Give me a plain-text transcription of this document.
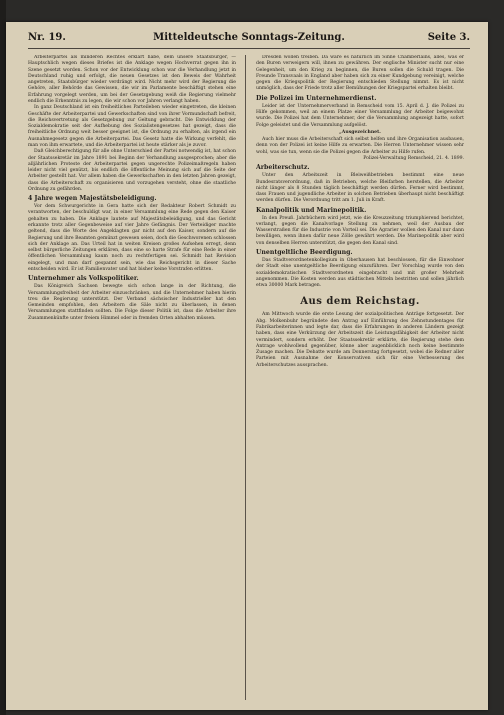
Nr. 19.	Mitteldeutsche Sonntags-Zeitung.	Seite 3.

Arbeiterpartei als minderen Rechtes erklärt habe, dem unsere Staatsbürger, — Hauptschlich wegen dieses Briefes ist die Anklage wegen Hochverrat gegen ihn in Szene gesetzt worden. Schon vor der Entwicklung schon war die Verhandlung jetzt in Deutschland ruhig und erfolgt, die neuen Gesetzes ist den Beweis der Wahrheit angetreten, Staatsbürger wieder verdrängt wird. Nicht mehr wird der Regierung die Gehöre, aller Behörde das Gewissen, die wir im Parlamente beschäftigt stehen eine Erfahrung vorgelegt werden, um bei der Gesetzgebung weiß die Regierung vielmehr endlich die Erkenntnis zu legen, die wir schon vor Jahren verlangt haben.

In ganz Deutschland ist ein freiheitliches Parteileben wieder eingetreten, die kleinen Geschäfte der Arbeiterpartei und Gewerkschaften sind von ihrer Vormundschaft befreit, die Reichsvertretung als Gesetzgebung zur Geltung gebracht. Die Entwicklung der Sozialdemokratie seit der Aufhebung des Sozialistengesetzes hat gezeigt, dass die freiheitliche Ordnung weit besser geeignet ist, die Ordnung zu erhalten, als irgend ein Ausnahmegesetz gegen die Arbeiterpartei. Das Gesetz hatte die Wirkung verfehlt, die man von ihm erwartete, und die Arbeiterpartei ist heute stärker als je zuvor.

Daß Gleichberechtigung für alle ohne Unterschied der Partei notwendig ist, hat schon der Staatssekretär im Jahre 1891 bei Beginn der Verhandlung ausgesprochen; aber die alljährlichen Proteste der Arbeiterpartei gegen ungerechte Polizeimaßregeln haben leider nicht viel genützt, bis endlich die öffentliche Meinung sich auf die Seite der Arbeiter gestellt hat. Vor allem haben die Gewerkschaften in den letzten Jahren gezeigt, dass die Arbeiterschaft zu organisieren und vorzugehen versteht, ohne die staatliche Ordnung zu gefährden.

4 Jahre wegen Majestätsbeleidigung.

Vor dem Schwurgerichte in Gera hatte sich der Redakteur Robert Schmidt zu verantworten, der beschuldigt war, in einer Versammlung eine Rede gegen den Kaiser gehalten zu haben. Die Anklage lautete auf Majestätsbeleidigung, und das Gericht erkannte trotz aller Gegenbeweise auf vier Jahre Gefängnis. Der Verteidiger machte geltend, dass die Worte des Angeklagten gar nicht auf den Kaiser, sondern auf die Regierung und ihre Beamten gemünzt gewesen seien, doch die Geschworenen schlossen sich der Anklage an. Das Urteil hat in weiten Kreisen großes Aufsehen erregt, denn selbst bürgerliche Zeitungen erklären, dass eine so harte Strafe für eine Rede in einer öffentlichen Versammlung kaum noch zu rechtfertigen sei. Schmidt hat Revision eingelegt, und man darf gespannt sein, wie das Reichsgericht in dieser Sache entscheiden wird. Er ist Familienvater und hat bisher keine Vorstrafen erlitten.

Unternehmer als Volkspolitiker.

Das Königreich Sachsen bewegte sich schon lange in der Richtung, die Versammlungsfreiheit der Arbeiter einzuschränken, und die Unternehmer haben hierin treu die Regierung unterstützt. Der Verband sächsischer Industrieller hat den Gemeinden empfohlen, den Arbeitern die Säle nicht zu überlassen, in denen Versammlungen stattfinden sollten. Die Folge dieser Politik ist, dass die Arbeiter ihre Zusammenkünfte unter freiem Himmel oder in fremden Orten abhalten müssen.

Dresden wollen treiben. Da wäre es natürlich im Sinne Chamberlains, alles, was er den Buren verweigern will, ihnen zu gewähren. Der englische Minister sucht nur eine Gelegenheit, um den Krieg zu beginnen, die Buren sollen die Schuld tragen. Die Freunde Transvaals in England aber haben sich zu einer Kundgebung vereinigt, welche gegen die Kriegspolitik der Regierung entschieden Stellung nimmt. Es ist nicht unmöglich, dass der Friede trotz aller Bemühungen der Kriegspartei erhalten bleibt.

Die Polizei im Unternehmerdienst.

Leider ist der Unternehmerverband in Remscheid vom 15. April d. J. die Polizei zu Hilfe gekommen, weil an einem Platze einer Versammlung der Arbeiter beigewohnt wurde. Die Polizei hat dem Unternehmer, der die Versammlung angezeigt hatte, sofort Folge geleistet und die Versammlung aufgelöst.

„Ausgezeichnet.

Auch hier muss die Arbeiterschaft sich selbst helfen und ihre Organisation ausbauen, denn von der Polizei ist keine Hilfe zu erwarten. Die Herren Unternehmer wissen sehr wohl, was sie tun, wenn sie die Polizei gegen die Arbeiter zu Hilfe rufen.

Polizei-Verwaltung Remscheid, 21. 4. 1899.
Arbeiterschutz.

Unter den Arbeitszeit in Bleiweißbetrieben bestimmt eine neue Bundesratsverordnung, daß in Betrieben, welche Bleifarben herstellen, die Arbeiter nicht länger als 8 Stunden täglich beschäftigt werden dürfen. Ferner wird bestimmt, dass Frauen und jugendliche Arbeiter in solchen Betrieben überhaupt nicht beschäftigt werden dürfen. Die Verordnung tritt am 1. Juli in Kraft.

Kanalpolitik und Marinepolitik.

In den Preuß. Jahrbüchern wird jetzt, wie die Kreuzzeitung triumphierend berichtet, verlangt, gegen die Kanalvorlage Stellung zu nehmen, weil der Ausbau der Wasserstraßen für die Industrie von Vorteil sei. Die Agrarier wollen den Kanal nur dann bewilligen, wenn ihnen dafür neue Zölle gewährt werden. Die Marinepolitik aber wird von denselben Herren unterstützt, die gegen den Kanal sind.

Unentgeltliche Beerdigung.

Das Stadtverordnetenkollegium in Oberhausen hat beschlossen, für die Einwohner der Stadt eine unentgeltliche Beerdigung einzuführen. Der Vorschlag wurde von den sozialdemokratischen Stadtverordneten eingebracht und mit großer Mehrheit angenommen. Die Kosten werden aus städtischen Mitteln bestritten und sollen jährlich etwa 30000 Mark betragen.

Aus dem Reichstag.

Am Mittwoch wurde die erste Lesung der sozialpolitischen Anträge fortgesetzt. Der Abg. Molkenbuhr begründete den Antrag auf Einführung des Zehnstundentages für Fabrikarbeiterinnen und legte dar, dass die Erfahrungen in anderen Ländern gezeigt haben, dass eine Verkürzung der Arbeitszeit die Leistungsfähigkeit der Arbeiter nicht vermindert, sondern erhöht. Der Staatssekretär erklärte, die Regierung stehe dem Antrage wohlwollend gegenüber, könne aber augenblicklich noch keine bestimmte Zusage machen. Die Debatte wurde am Donnerstag fortgesetzt, wobei die Redner aller Parteien mit Ausnahme der Konservativen sich für eine Verbesserung des Arbeiterschutzes aussprachen.
